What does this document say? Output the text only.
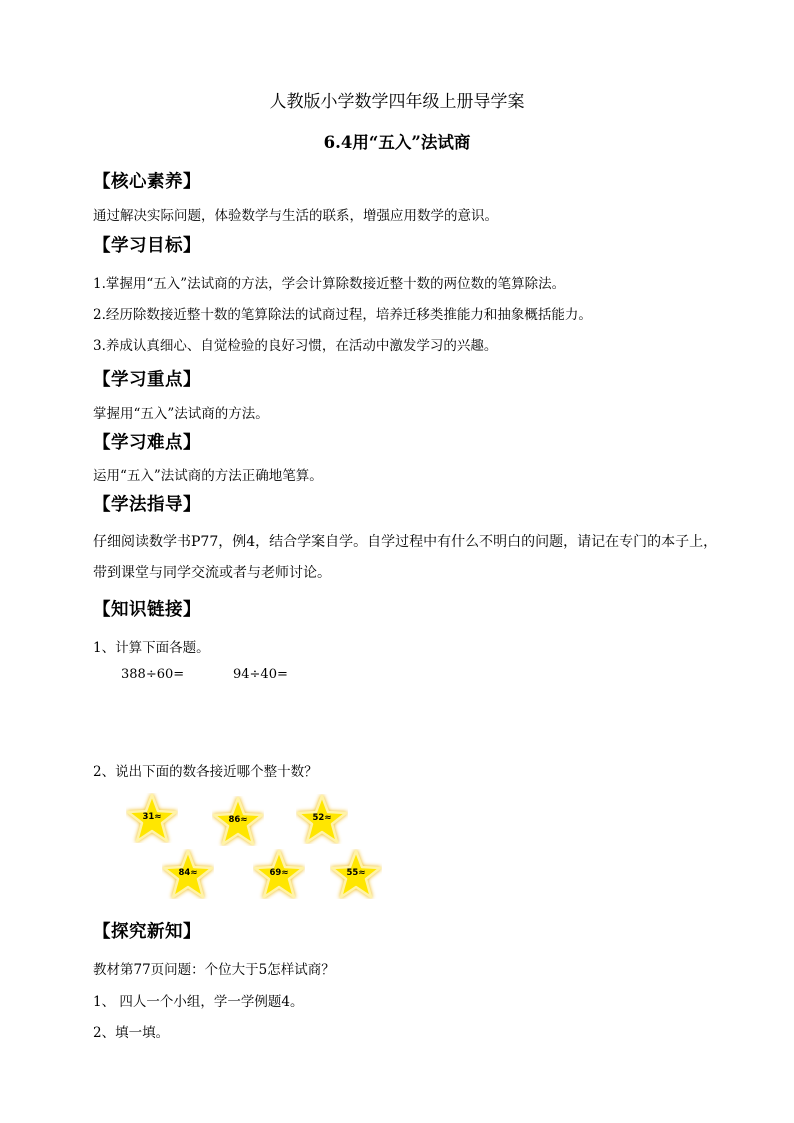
人教版小学数学四年级上册导学案
6.4用“五入”法试商
【核心素养】
通过解决实际问题，体验数学与生活的联系，增强应用数学的意识。
【学习目标】
1.掌握用“五入”法试商的方法，学会计算除数接近整十数的两位数的笔算除法。
2.经历除数接近整十数的笔算除法的试商过程，培养迁移类推能力和抽象概括能力。
3.养成认真细心、自觉检验的良好习惯，在活动中激发学习的兴趣。
【学习重点】
掌握用“五入”法试商的方法。
【学习难点】
运用“五入”法试商的方法正确地笔算。
【学法指导】
仔细阅读数学书P77，例4，结合学案自学。自学过程中有什么不明白的问题，请记在专门的本子上，
带到课堂与同学交流或者与老师讨论。
【知识链接】
1、计算下面各题。
388÷60=	94÷40=
2、说出下面的数各接近哪个整十数？
31≈	86≈	52≈
84≈	69≈	55≈
【探究新知】
教材第77页问题：个位大于5怎样试商？
1、 四人一个小组，学一学例题4。
2、填一填。
